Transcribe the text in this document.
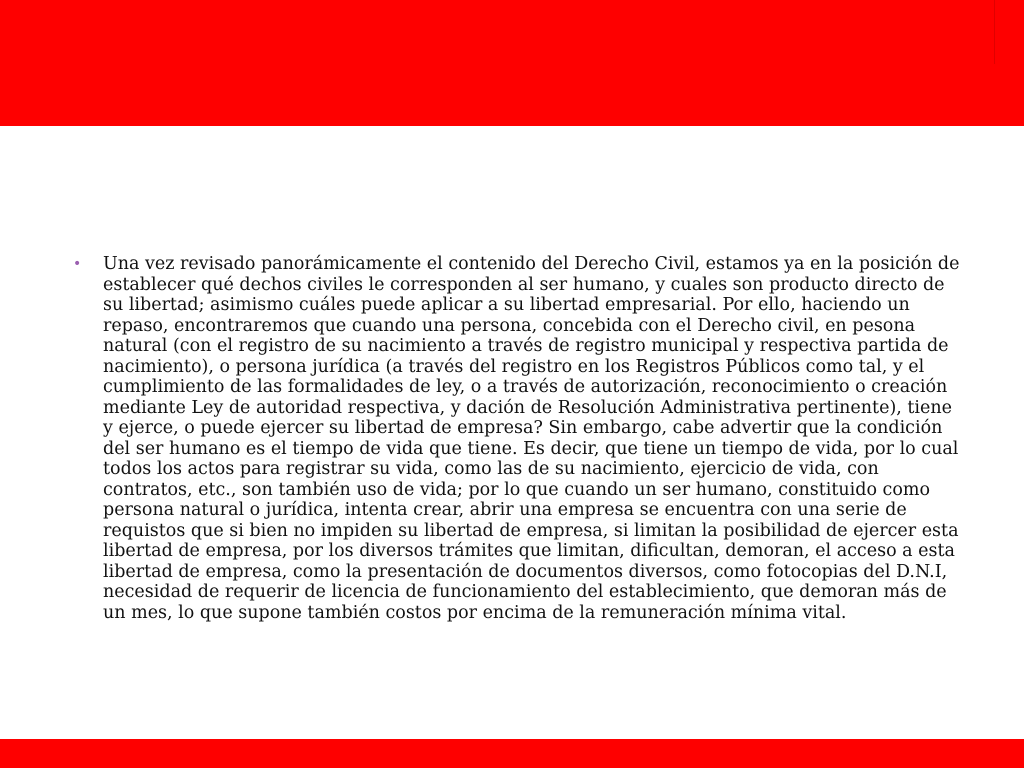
•	Una vez revisado panorámicamente el contenido del Derecho Civil, estamos ya en la posición de establecer qué dechos civiles le corresponden al ser humano, y cuales son producto directo de su libertad; asimismo cuáles puede aplicar a su libertad empresarial. Por ello, haciendo un repaso, encontraremos que cuando una persona, concebida con el Derecho civil, en pesona natural (con el registro de su nacimiento a través de registro municipal y respectiva partida de nacimiento), o persona jurídica (a través del registro en los Registros Públicos como tal, y el cumplimiento de las formalidades de ley, o a través de autorización, reconocimiento o creación mediante Ley de autoridad respectiva, y dación de Resolución Administrativa pertinente), tiene y ejerce, o puede ejercer su libertad de empresa? Sin embargo, cabe advertir que la condición del ser humano es el tiempo de vida que tiene. Es decir, que tiene un tiempo de vida, por lo cual todos los actos para registrar su vida, como las de su nacimiento, ejercicio de vida, con contratos, etc., son también uso de vida; por lo que cuando un ser humano, constituido como persona natural o jurídica, intenta crear, abrir una empresa se encuentra con una serie de requistos que si bien no impiden su libertad de empresa, si limitan la posibilidad de ejercer esta libertad de empresa, por los diversos trámites que limitan, dificultan, demoran, el acceso a esta libertad de empresa, como la presentación de documentos diversos, como fotocopias del D.N.I, necesidad de requerir de licencia de funcionamiento del establecimiento, que demoran más de un mes, lo que supone también costos por encima de la remuneración mínima vital.
